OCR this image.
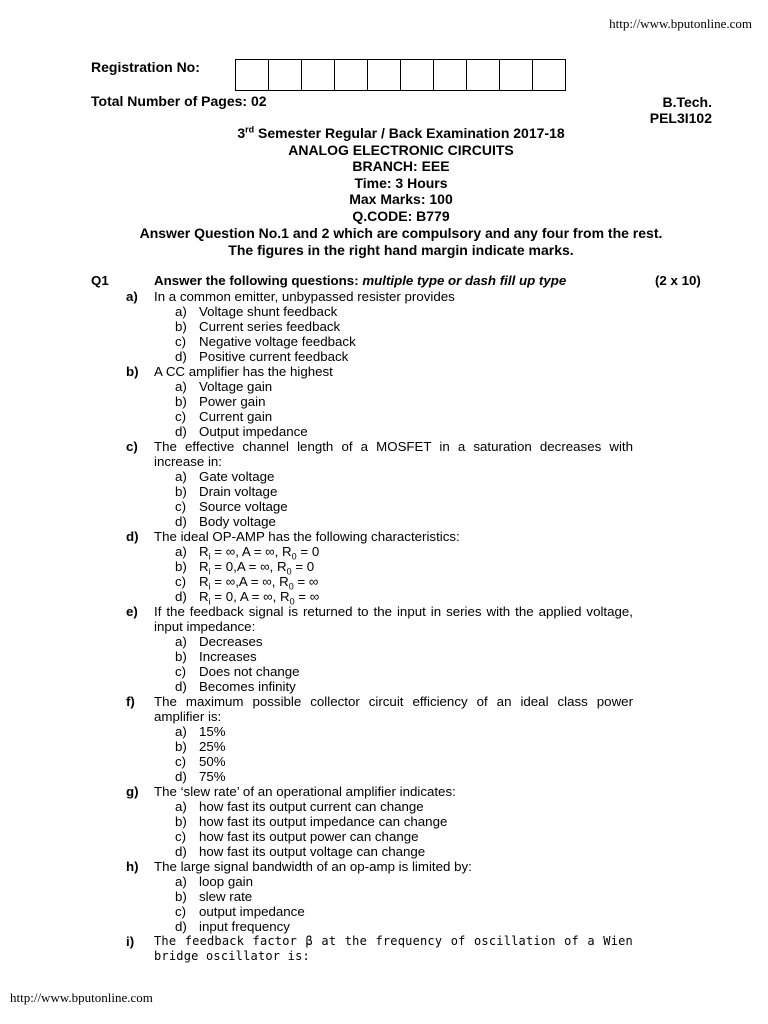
http://www.bputonline.com
Registration No:
Total Number of Pages: 02	B.Tech.
PEL3I102
3rd Semester Regular / Back Examination 2017-18
ANALOG ELECTRONIC CIRCUITS
BRANCH: EEE
Time: 3 Hours
Max Marks: 100
Q.CODE: B779
Answer Question No.1 and 2 which are compulsory and any four from the rest.
The figures in the right hand margin indicate marks.
Q1	Answer the following questions: multiple type or dash fill up type	(2 x 10)
a) In a common emitter, unbypassed resister provides
a) Voltage shunt feedback
b) Current series feedback
c) Negative voltage feedback
d) Positive current feedback
b) A CC amplifier has the highest
a) Voltage gain
b) Power gain
c) Current gain
d) Output impedance
c) The effective channel length of a MOSFET in a saturation decreases with increase in:
a) Gate voltage
b) Drain voltage
c) Source voltage
d) Body voltage
d) The ideal OP-AMP has the following characteristics:
a) $R_i$ = ∞, A = ∞, $R_0 = 0$
b) $R_i = 0,A$ = ∞, $R_0 = 0$
c) $R_i = \infty,A$ = ∞, $R_0$ = ∞
d) $R_i = 0$, A = ∞, $R_0$ = ∞
e) If the feedback signal is returned to the input in series with the applied voltage, input impedance:
a) Decreases
b) Increases
c) Does not change
d) Becomes infinity
f) The maximum possible collector circuit efficiency of an ideal class power amplifier is:
a) 15%
b) 25%
c) 50%
d) 75%
g) The ‘slew rate’ of an operational amplifier indicates:
a) how fast its output current can change
b) how fast its output impedance can change
c) how fast its output power can change
d) how fast its output voltage can change
h) The large signal bandwidth of an op-amp is limited by:
a) loop gain
b) slew rate
c) output impedance
d) input frequency
i) The feedback factor β at the frequency of oscillation of a Wien bridge oscillator is:
http://www.bputonline.com
